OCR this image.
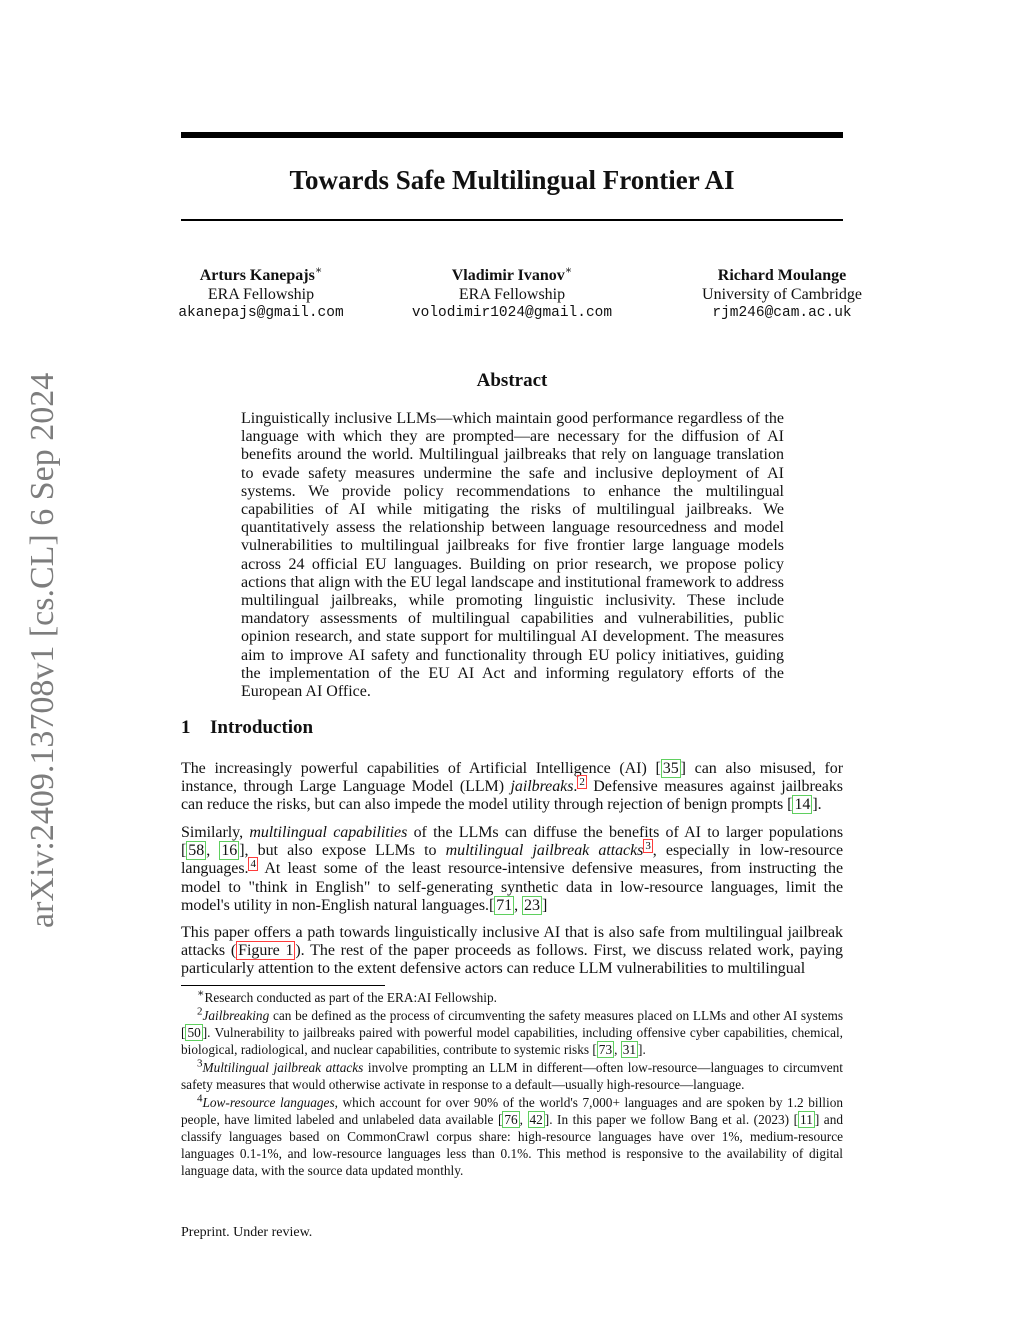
arXiv:2409.13708v1 [cs.CL] 6 Sep 2024
Towards Safe Multilingual Frontier AI
Arturs Kanepajs∗
ERA Fellowship
akanepajs@gmail.com
Vladimir Ivanov∗
ERA Fellowship
volodimir1024@gmail.com
Richard Moulange
University of Cambridge
rjm246@cam.ac.uk
Abstract

Linguistically inclusive LLMs—which maintain good performance regardless of the language with which they are prompted—are necessary for the diffusion of AI benefits around the world. Multilingual jailbreaks that rely on language translation to evade safety measures undermine the safe and inclusive deployment of AI systems. We provide policy recommendations to enhance the multilingual capabilities of AI while mitigating the risks of multilingual jailbreaks. We quantitatively assess the relationship between language resourcedness and model vulnerabilities to multilingual jailbreaks for five frontier large language models across 24 official EU languages. Building on prior research, we propose policy actions that align with the EU legal landscape and institutional framework to address multilingual jailbreaks, while promoting linguistic inclusivity. These include mandatory assessments of multilingual capabilities and vulnerabilities, public opinion research, and state support for multilingual AI development. The measures aim to improve AI safety and functionality through EU policy initiatives, guiding the implementation of the EU AI Act and informing regulatory efforts of the European AI Office.

1 Introduction

The increasingly powerful capabilities of Artificial Intelligence (AI) [ 35 ] can also misused, for instance, through Large Language Model (LLM) jailbreaks. $^2$ Defensive measures against jailbreaks can reduce the risks, but can also impede the model utility through rejection of benign prompts [ 14 ].

Similarly, multilingual capabilities of the LLMs can diffuse the benefits of AI to larger populations [ 58 , 16 ], but also expose LLMs to multilingual jailbreak attacks $^3$ , especially in low-resource languages. $^4$ At least some of the least resource-intensive defensive measures, from instructing the model to "think in English" to self-generating synthetic data in low-resource languages, limit the model's utility in non-English natural languages.[ 71 , 23 ]

This paper offers a path towards linguistically inclusive AI that is also safe from multilingual jailbreak attacks ( Figure 1 ). The rest of the paper proceeds as follows. First, we discuss related work, paying particularly attention to the extent defensive actors can reduce LLM vulnerabilities to multilingual

∗Research conducted as part of the ERA:AI Fellowship.

$^2$Jailbreaking can be defined as the process of circumventing the safety measures placed on LLMs and other AI systems [ 50 ]. Vulnerability to jailbreaks paired with powerful model capabilities, including offensive cyber capabilities, chemical, biological, radiological, and nuclear capabilities, contribute to systemic risks [ 73 , 31 ].

$^3$Multilingual jailbreak attacks involve prompting an LLM in different—often low-resource—languages to circumvent safety measures that would otherwise activate in response to a default—usually high-resource—language.

$^4$Low-resource languages, which account for over 90% of the world's 7,000+ languages and are spoken by 1.2 billion people, have limited labeled and unlabeled data available [ 76 , 42 ]. In this paper we follow Bang et al. (2023) [ 11 ] and classify languages based on CommonCrawl corpus share: high-resource languages have over 1%, medium-resource languages 0.1-1%, and low-resource languages less than 0.1%. This method is responsive to the availability of digital language data, with the source data updated monthly.

Preprint. Under review.
